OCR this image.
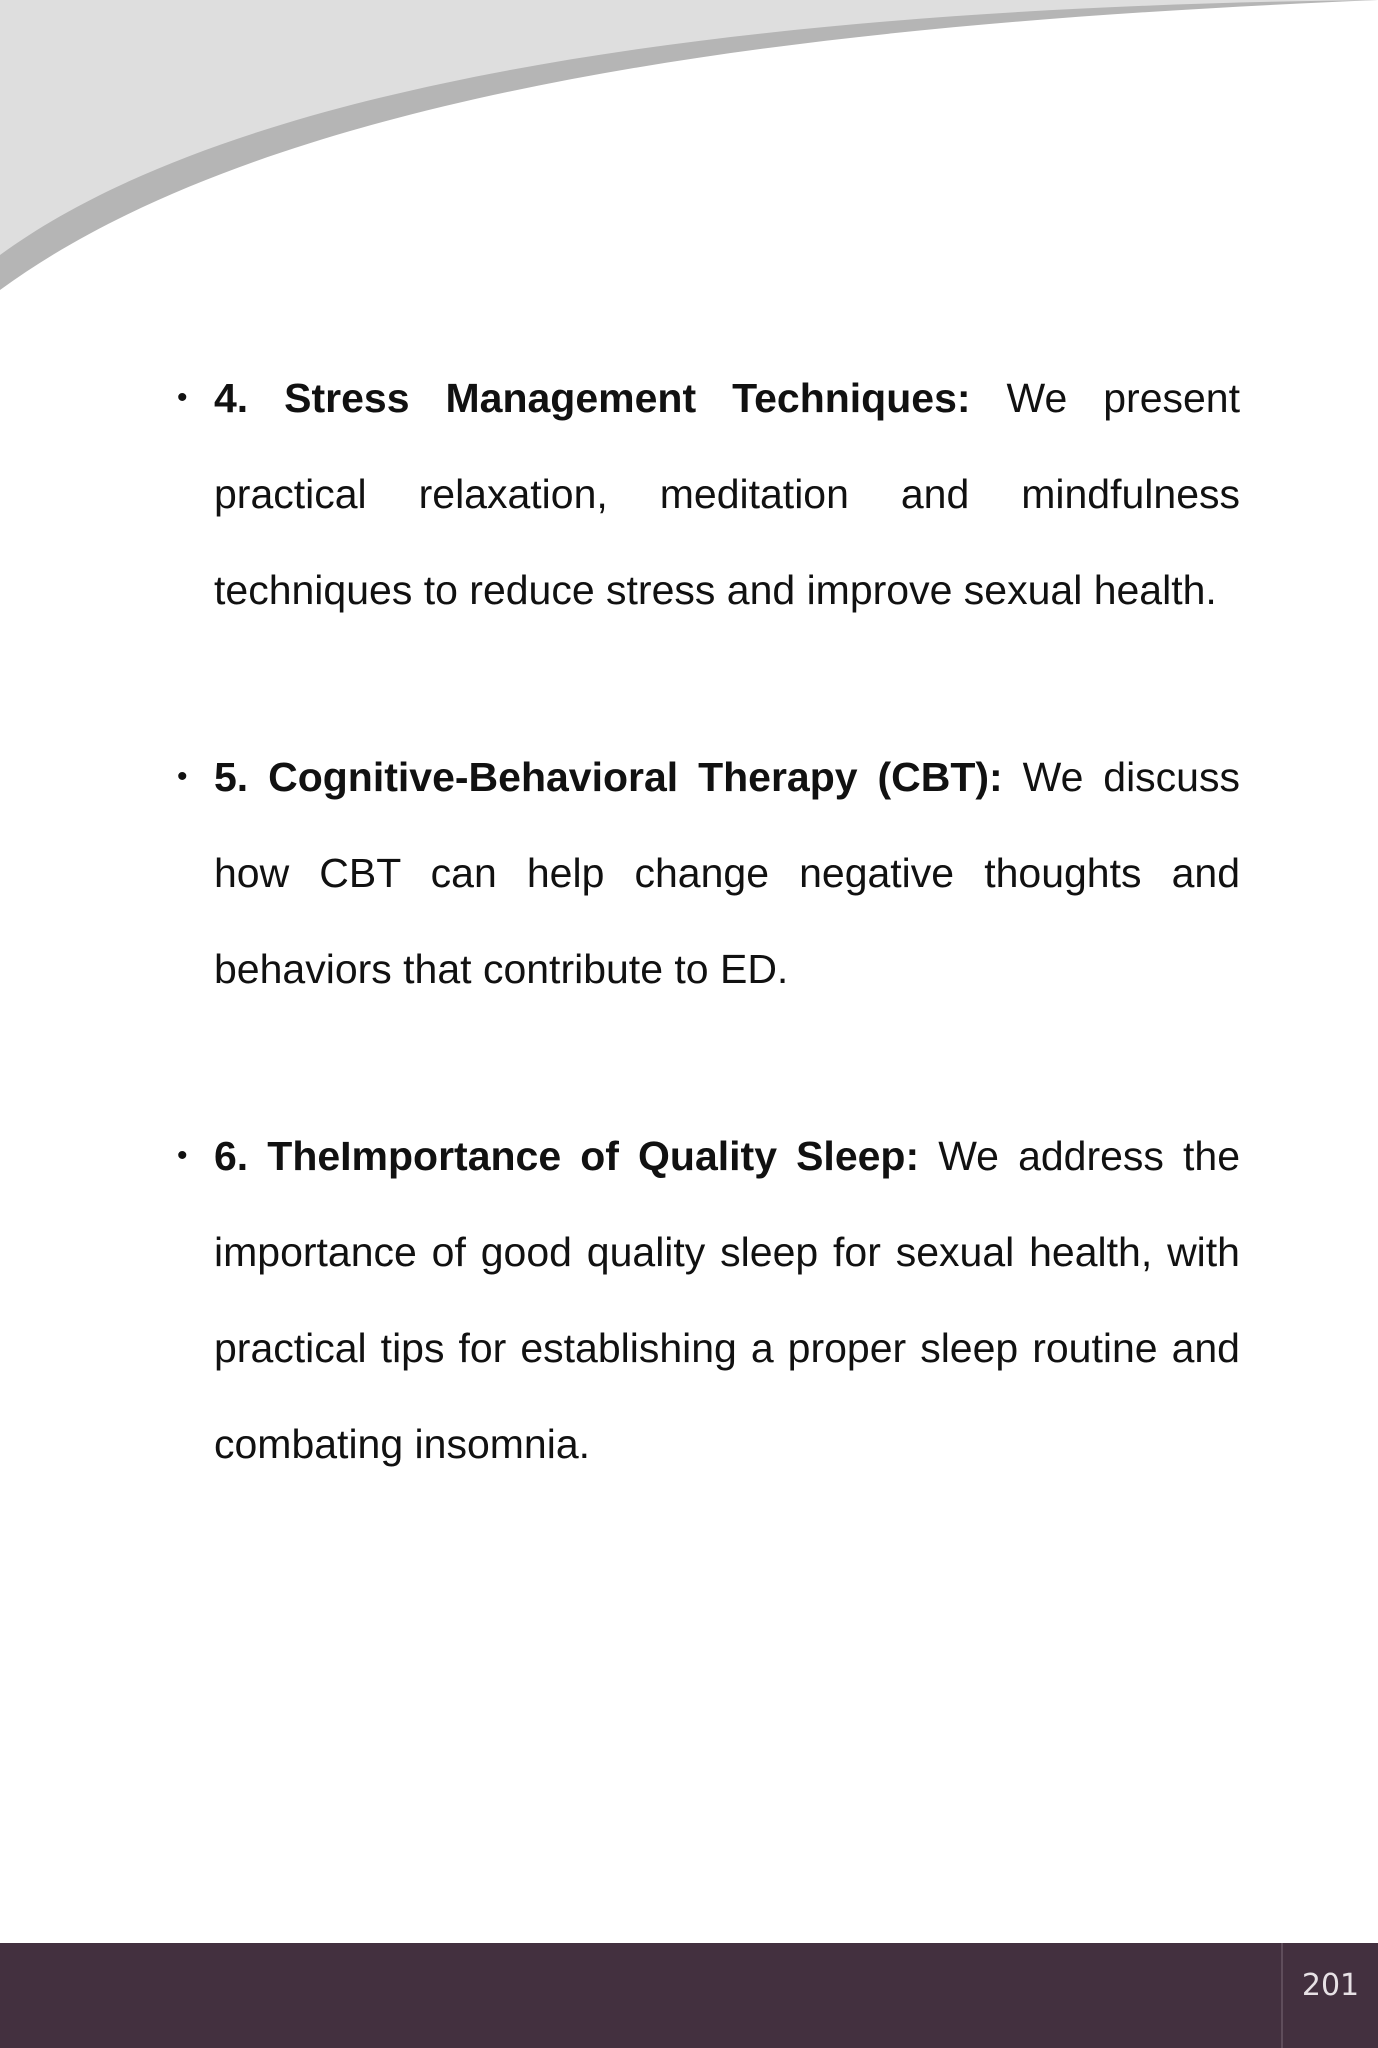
• 4. Stress Management Techniques: We present practical relaxation, meditation and mindfulness techniques to reduce stress and improve sexual health.
• 5. Cognitive-Behavioral Therapy (CBT): We discuss how CBT can help change negative thoughts and behaviors that contribute to ED.
• 6. TheImportance of Quality Sleep: We address the importance of good quality sleep for sexual health, with practical tips for establishing a proper sleep routine and combating insomnia.
201
